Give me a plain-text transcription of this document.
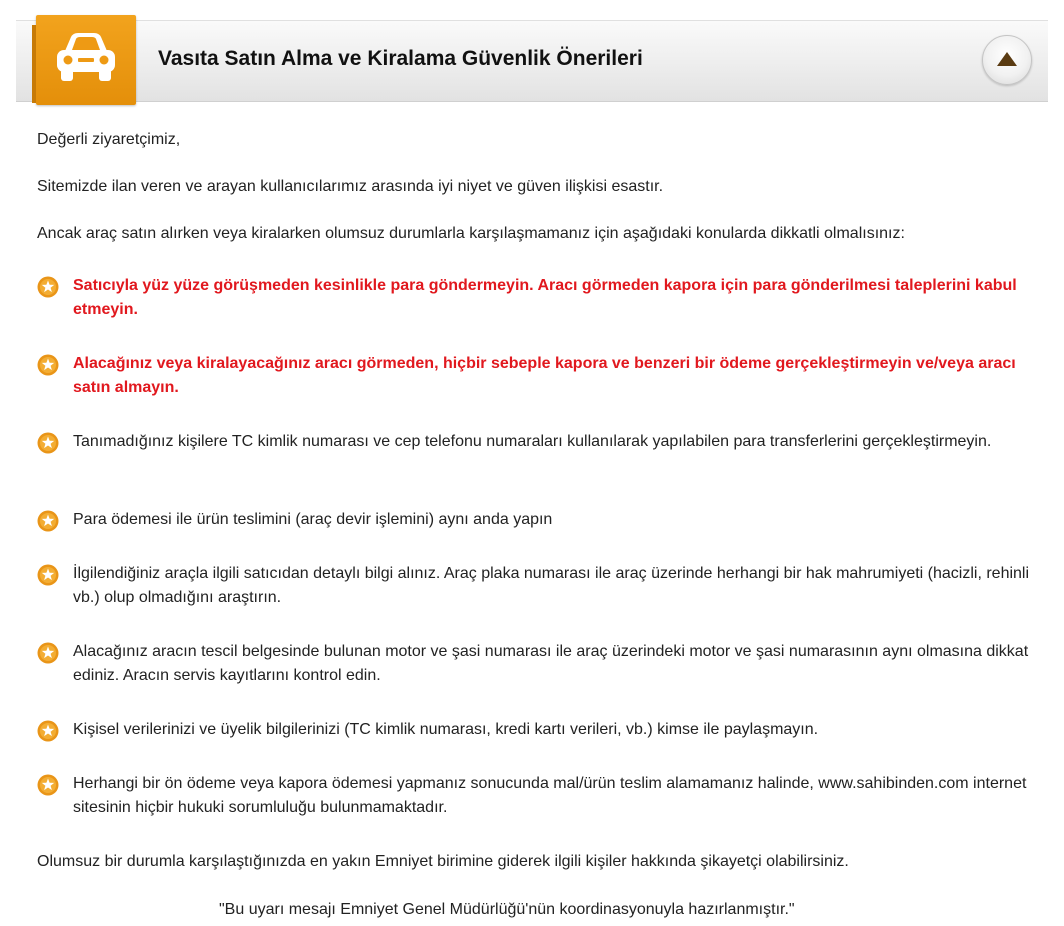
Vasıta Satın Alma ve Kiralama Güvenlik Önerileri

Değerli ziyaretçimiz,

Sitemizde ilan veren ve arayan kullanıcılarımız arasında iyi niyet ve güven ilişkisi esastır.

Ancak araç satın alırken veya kiralarken olumsuz durumlarla karşılaşmamanız için aşağıdaki konularda dikkatli olmalısınız:

Satıcıyla yüz yüze görüşmeden kesinlikle para göndermeyin. Aracı görmeden kapora için para gönderilmesi taleplerini kabul etmeyin.
Alacağınız veya kiralayacağınız aracı görmeden, hiçbir sebeple kapora ve benzeri bir ödeme gerçekleştirmeyin ve/veya aracı satın almayın.
Tanımadığınız kişilere TC kimlik numarası ve cep telefonu numaraları kullanılarak yapılabilen para transferlerini gerçekleştirmeyin.
Para ödemesi ile ürün teslimini (araç devir işlemini) aynı anda yapın
İlgilendiğiniz araçla ilgili satıcıdan detaylı bilgi alınız. Araç plaka numarası ile araç üzerinde herhangi bir hak mahrumiyeti (hacizli, rehinli vb.) olup olmadığını araştırın.
Alacağınız aracın tescil belgesinde bulunan motor ve şasi numarası ile araç üzerindeki motor ve şasi numarasının aynı olmasına dikkat ediniz. Aracın servis kayıtlarını kontrol edin.
Kişisel verilerinizi ve üyelik bilgilerinizi (TC kimlik numarası, kredi kartı verileri, vb.) kimse ile paylaşmayın.
Herhangi bir ön ödeme veya kapora ödemesi yapmanız sonucunda mal/ürün teslim alamamanız halinde, www.sahibinden.com internet sitesinin hiçbir hukuki sorumluluğu bulunmamaktadır.

Olumsuz bir durumla karşılaştığınızda en yakın Emniyet birimine giderek ilgili kişiler hakkında şikayetçi olabilirsiniz.

"Bu uyarı mesajı Emniyet Genel Müdürlüğü'nün koordinasyonuyla hazırlanmıştır."
